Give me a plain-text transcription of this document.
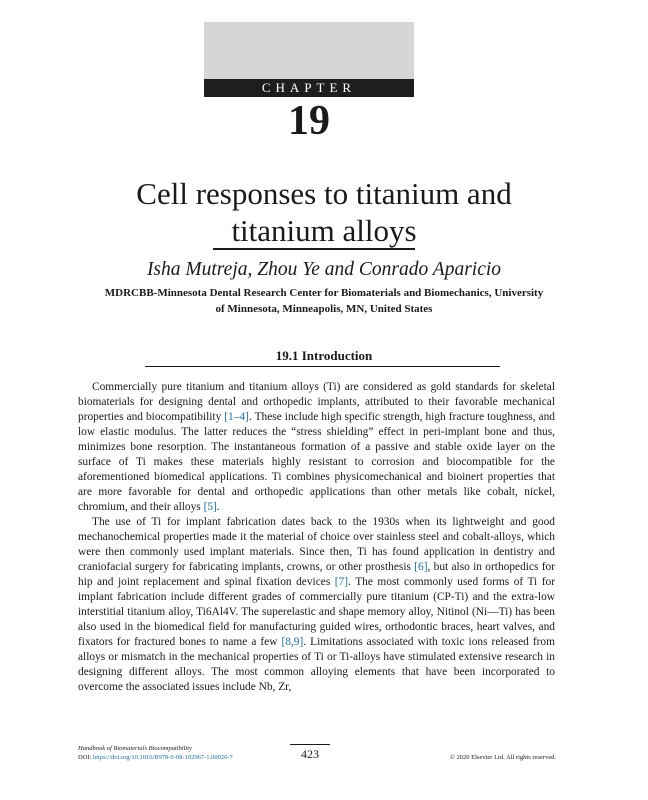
CHAPTER
19
Cell responses to titanium and
titanium alloys
Isha Mutreja, Zhou Ye and Conrado Aparicio
MDRCBB-Minnesota Dental Research Center for Biomaterials and Biomechanics, University
of Minnesota, Minneapolis, MN, United States
19.1 Introduction

Commercially pure titanium and titanium alloys (Ti) are considered as gold standards for skeletal biomaterials for designing dental and orthopedic implants, attributed to their favorable mechanical properties and biocompatibility [1–4]. These include high specific strength, high fracture toughness, and low elastic modulus. The latter reduces the “stress shielding” effect in peri-implant bone and thus, minimizes bone resorption. The instantaneous formation of a passive and stable oxide layer on the surface of Ti makes these materials highly resistant to corrosion and biocompatible for the aforementioned biomedical applications. Ti combines physicomechanical and bioinert properties that are more favorable for dental and orthopedic applications than other metals like cobalt, nickel, chromium, and their alloys [5].

The use of Ti for implant fabrication dates back to the 1930s when its lightweight and good mechanochemical properties made it the material of choice over stainless steel and cobalt-alloys, which were then commonly used implant materials. Since then, Ti has found application in dentistry and craniofacial surgery for fabricating implants, crowns, or other prosthesis [6], but also in orthopedics for hip and joint replacement and spinal fixation devices [7]. The most commonly used forms of Ti for implant fabrication include different grades of commercially pure titanium (CP-Ti) and the extra-low interstitial titanium alloy, Ti6Al4V. The superelastic and shape memory alloy, Nitinol (Ni—Ti) has been also used in the biomedical field for manufacturing guided wires, orthodontic braces, heart valves, and fixators for fractured bones to name a few [8,9]. Limitations associated with toxic ions released from alloys or mismatch in the mechanical properties of Ti or Ti-alloys have stimulated extensive research in designing different alloys. The most common alloying elements that have been incorporated to overcome the associated issues include Nb, Zr,

Handbook of Biomaterials Biocompatibility
DOI: https://doi.org/10.1016/B978-0-08-102967-1.00020-7	423	© 2020 Elsevier Ltd. All rights reserved.
